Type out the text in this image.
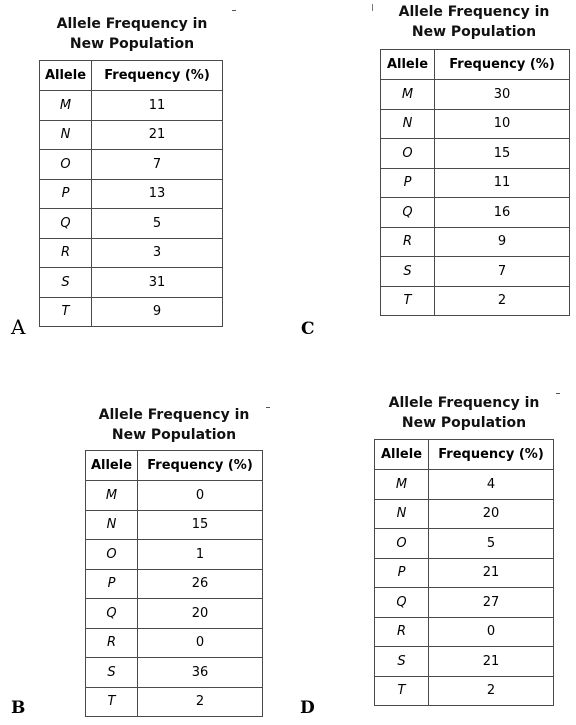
Allele Frequency in
New Population
Allele	Frequency (%)
M	11
N	21
O	7
P	13
Q	5
R	3
S	31
T	9
A
Allele Frequency in
New Population
Allele	Frequency (%)
M	30
N	10
O	15
P	11
Q	16
R	9
S	7
T	2
C
Allele Frequency in
New Population
Allele	Frequency (%)
M	0
N	15
O	1
P	26
Q	20
R	0
S	36
T	2
B
Allele Frequency in
New Population
Allele	Frequency (%)
M	4
N	20
O	5
P	21
Q	27
R	0
S	21
T	2
D
